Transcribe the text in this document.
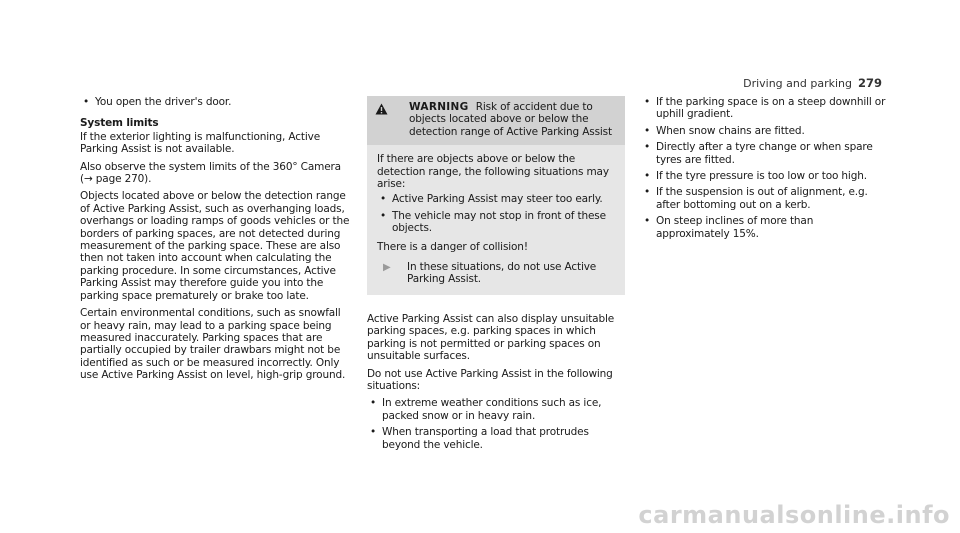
Driving and parking 279
• You open the driver's door.
System limits

If the exterior lighting is malfunctioning, Active Parking Assist is not available.

Also observe the system limits of the 360° Camera (→ page 270).

Objects located above or below the detection range of Active Parking Assist, such as overhanging loads, overhangs or loading ramps of goods vehicles or the borders of parking spaces, are not detected during measurement of the parking space. These are also then not taken into account when calculating the parking procedure. In some circumstances, Active Parking Assist may therefore guide you into the parking space prematurely or brake too late.

Certain environmental conditions, such as snowfall or heavy rain, may lead to a parking space being measured inaccurately. Parking spaces that are partially occupied by trailer drawbars might not be identified as such or be measured incorrectly. Only use Active Parking Assist on level, high-grip ground.

WARNING Risk of accident due to objects located above or below the detection range of Active Parking Assist
If there are objects above or below the detection range, the following situations may arise:
• Active Parking Assist may steer too early.
• The vehicle may not stop in front of these objects.
There is a danger of collision!
▶	In these situations, do not use Active Parking Assist.

Active Parking Assist can also display unsuitable parking spaces, e.g. parking spaces in which parking is not permitted or parking spaces on unsuitable surfaces.

Do not use Active Parking Assist in the following situations:

• In extreme weather conditions such as ice, packed snow or in heavy rain.
• When transporting a load that protrudes beyond the vehicle.
• If the parking space is on a steep downhill or uphill gradient.
• When snow chains are fitted.
• Directly after a tyre change or when spare tyres are fitted.
• If the tyre pressure is too low or too high.
• If the suspension is out of alignment, e.g. after bottoming out on a kerb.
• On steep inclines of more than approximately 15%.
carmanualsonline.info
